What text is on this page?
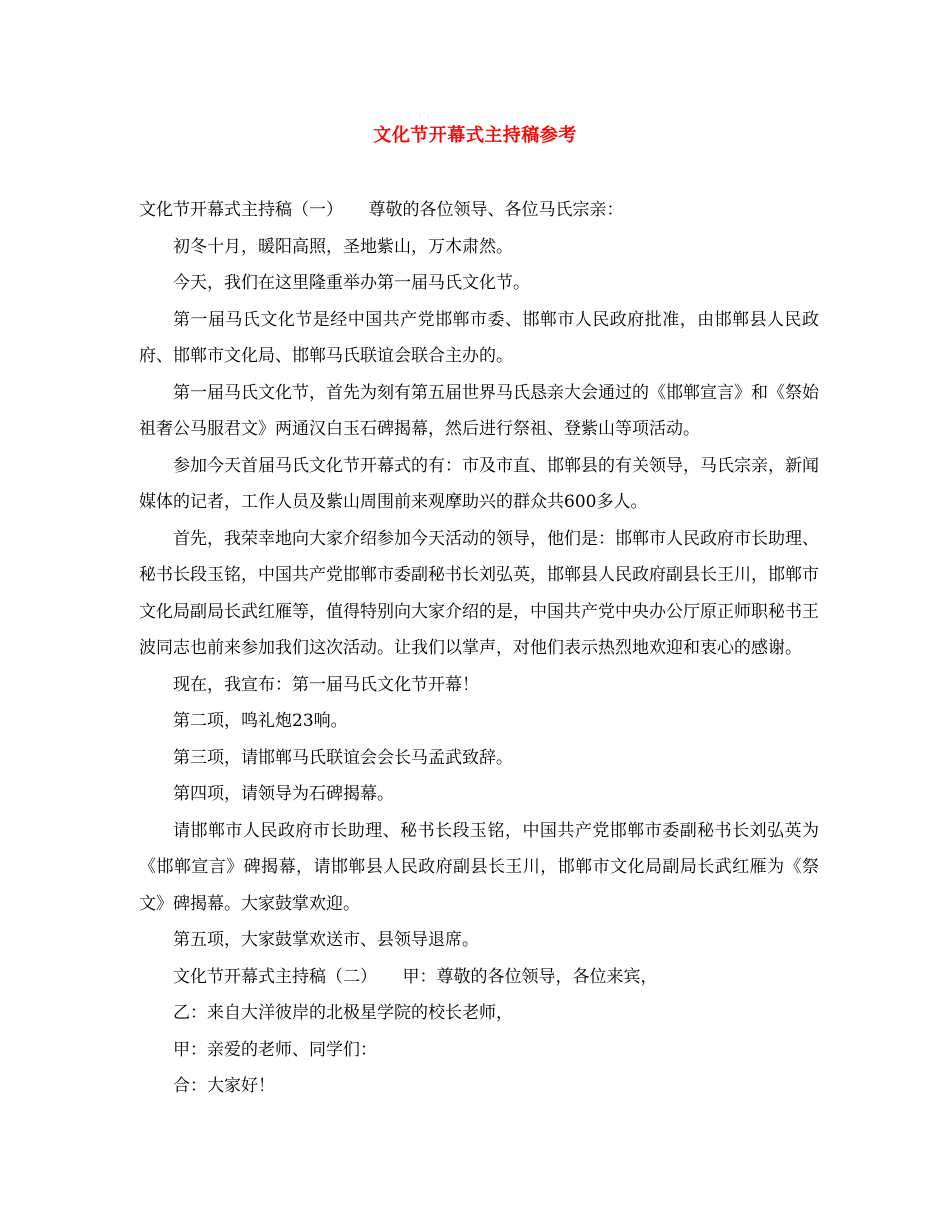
文化节开幕式主持稿参考

文化节开幕式主持稿（一）　　尊敬的各位领导、各位马氏宗亲：

初冬十月，暖阳高照，圣地紫山，万木肃然。

今天，我们在这里隆重举办第一届马氏文化节。

第一届马氏文化节是经中国共产党邯郸市委、邯郸市人民政府批准，由邯郸县人民政府、邯郸市文化局、邯郸马氏联谊会联合主办的。

第一届马氏文化节，首先为刻有第五届世界马氏恳亲大会通过的《邯郸宣言》和《祭始祖奢公马服君文》两通汉白玉石碑揭幕，然后进行祭祖、登紫山等项活动。

参加今天首届马氏文化节开幕式的有：市及市直、邯郸县的有关领导，马氏宗亲，新闻媒体的记者，工作人员及紫山周围前来观摩助兴的群众共600多人。

首先，我荣幸地向大家介绍参加今天活动的领导，他们是：邯郸市人民政府市长助理、秘书长段玉铭，中国共产党邯郸市委副秘书长刘弘英，邯郸县人民政府副县长王川，邯郸市文化局副局长武红雁等，值得特别向大家介绍的是，中国共产党中央办公厅原正师职秘书王波同志也前来参加我们这次活动。让我们以掌声，对他们表示热烈地欢迎和衷心的感谢。

现在，我宣布：第一届马氏文化节开幕！

第二项，鸣礼炮23响。

第三项，请邯郸马氏联谊会会长马孟武致辞。

第四项，请领导为石碑揭幕。

请邯郸市人民政府市长助理、秘书长段玉铭，中国共产党邯郸市委副秘书长刘弘英为《邯郸宣言》碑揭幕，请邯郸县人民政府副县长王川，邯郸市文化局副局长武红雁为《祭文》碑揭幕。大家鼓掌欢迎。

第五项，大家鼓掌欢送市、县领导退席。

文化节开幕式主持稿（二）　　甲：尊敬的各位领导，各位来宾，

乙：来自大洋彼岸的北极星学院的校长老师，

甲：亲爱的老师、同学们：

合：大家好！
